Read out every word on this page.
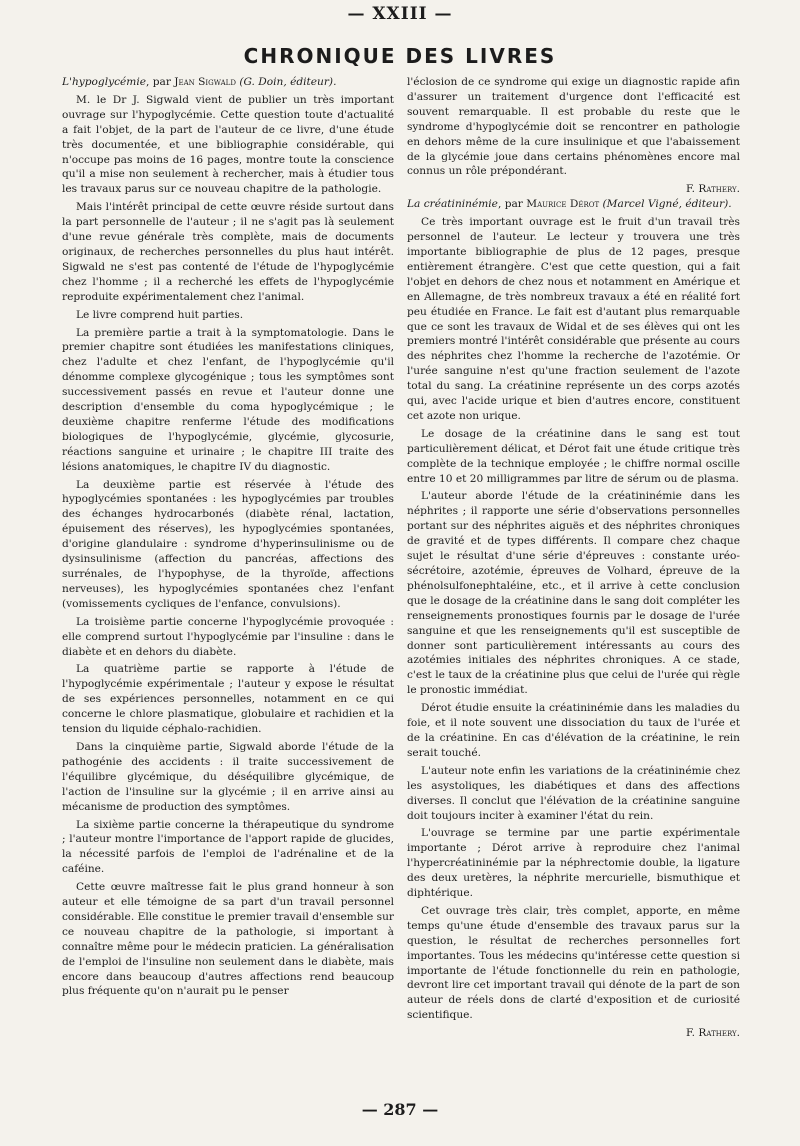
— XXIII —
CHRONIQUE DES LIVRES

L'hypoglycémie, par Jean Sigwald (G. Doin, éditeur).

M. le Dr J. Sigwald vient de publier un très important ouvrage sur l'hypoglycémie. Cette question toute d'actualité a fait l'objet, de la part de l'auteur de ce livre, d'une étude très documentée, et une bibliographie considérable, qui n'occupe pas moins de 16 pages, montre toute la conscience qu'il a mise non seulement à rechercher, mais à étudier tous les travaux parus sur ce nouveau chapitre de la pathologie.

Mais l'intérêt principal de cette œuvre réside surtout dans la part personnelle de l'auteur ; il ne s'agit pas là seulement d'une revue générale très complète, mais de documents originaux, de recherches personnelles du plus haut intérêt. Sigwald ne s'est pas contenté de l'étude de l'hypoglycémie chez l'homme ; il a recherché les effets de l'hypoglycémie reproduite expérimentalement chez l'animal.

Le livre comprend huit parties.

La première partie a trait à la symptomatologie. Dans le premier chapitre sont étudiées les manifestations cliniques, chez l'adulte et chez l'enfant, de l'hypoglycémie qu'il dénomme complexe glycogénique ; tous les symptômes sont successivement passés en revue et l'auteur donne une description d'ensemble du coma hypoglycémique ; le deuxième chapitre renferme l'étude des modifications biologiques de l'hypoglycémie, glycémie, glycosurie, réactions sanguine et urinaire ; le chapitre III traite des lésions anatomiques, le chapitre IV du diagnostic.

La deuxième partie est réservée à l'étude des hypoglycémies spontanées : les hypoglycémies par troubles des échanges hydrocarbonés (diabète rénal, lactation, épuisement des réserves), les hypoglycémies spontanées, d'origine glandulaire : syndrome d'hyperinsulinisme ou de dysinsulinisme (affection du pancréas, affections des surrénales, de l'hypophyse, de la thyroïde, affections nerveuses), les hypoglycémies spontanées chez l'enfant (vomissements cycliques de l'enfance, convulsions).

La troisième partie concerne l'hypoglycémie provoquée : elle comprend surtout l'hypoglycémie par l'insuline : dans le diabète et en dehors du diabète.

La quatrième partie se rapporte à l'étude de l'hypoglycémie expérimentale ; l'auteur y expose le résultat de ses expériences personnelles, notamment en ce qui concerne le chlore plasmatique, globulaire et rachidien et la tension du liquide céphalo-rachidien.

Dans la cinquième partie, Sigwald aborde l'étude de la pathogénie des accidents : il traite successivement de l'équilibre glycémique, du déséquilibre glycémique, de l'action de l'insuline sur la glycémie ; il en arrive ainsi au mécanisme de production des symptômes.

La sixième partie concerne la thérapeutique du syndrome ; l'auteur montre l'importance de l'apport rapide de glucides, la nécessité parfois de l'emploi de l'adrénaline et de la caféine.

Cette œuvre maîtresse fait le plus grand honneur à son auteur et elle témoigne de sa part d'un travail personnel considérable. Elle constitue le premier travail d'ensemble sur ce nouveau chapitre de la pathologie, si important à connaître même pour le médecin praticien. La généralisation de l'emploi de l'insuline non seulement dans le diabète, mais encore dans beaucoup d'autres affections rend beaucoup plus fréquente qu'on n'aurait pu le penser

l'éclosion de ce syndrome qui exige un diagnostic rapide afin d'assurer un traitement d'urgence dont l'efficacité est souvent remarquable. Il est probable du reste que le syndrome d'hypoglycémie doit se rencontrer en pathologie en dehors même de la cure insulinique et que l'abaissement de la glycémie joue dans certains phénomènes encore mal connus un rôle prépondérant.

F. Rathery.

La créatininémie, par Maurice Dérot (Marcel Vigné, éditeur).

Ce très important ouvrage est le fruit d'un travail très personnel de l'auteur. Le lecteur y trouvera une très importante bibliographie de plus de 12 pages, presque entièrement étrangère. C'est que cette question, qui a fait l'objet en dehors de chez nous et notamment en Amérique et en Allemagne, de très nombreux travaux a été en réalité fort peu étudiée en France. Le fait est d'autant plus remarquable que ce sont les travaux de Widal et de ses élèves qui ont les premiers montré l'intérêt considérable que présente au cours des néphrites chez l'homme la recherche de l'azotémie. Or l'urée sanguine n'est qu'une fraction seulement de l'azote total du sang. La créatinine représente un des corps azotés qui, avec l'acide urique et bien d'autres encore, constituent cet azote non urique.

Le dosage de la créatinine dans le sang est tout particulièrement délicat, et Dérot fait une étude critique très complète de la technique employée ; le chiffre normal oscille entre 10 et 20 milligrammes par litre de sérum ou de plasma.

L'auteur aborde l'étude de la créatininémie dans les néphrites ; il rapporte une série d'observations personnelles portant sur des néphrites aiguës et des néphrites chroniques de gravité et de types différents. Il compare chez chaque sujet le résultat d'une série d'épreuves : constante uréo-sécrétoire, azotémie, épreuves de Volhard, épreuve de la phénolsulfonephtaléine, etc., et il arrive à cette conclusion que le dosage de la créatinine dans le sang doit compléter les renseignements pronostiques fournis par le dosage de l'urée sanguine et que les renseignements qu'il est susceptible de donner sont particulièrement intéressants au cours des azotémies initiales des néphrites chroniques. A ce stade, c'est le taux de la créatinine plus que celui de l'urée qui règle le pronostic immédiat.

Dérot étudie ensuite la créatininémie dans les maladies du foie, et il note souvent une dissociation du taux de l'urée et de la créatinine. En cas d'élévation de la créatinine, le rein serait touché.

L'auteur note enfin les variations de la créatininémie chez les asystoliques, les diabétiques et dans des affections diverses. Il conclut que l'élévation de la créatinine sanguine doit toujours inciter à examiner l'état du rein.

L'ouvrage se termine par une partie expérimentale importante ; Dérot arrive à reproduire chez l'animal l'hypercréatininémie par la néphrectomie double, la ligature des deux uretères, la néphrite mercurielle, bismuthique et diphtérique.

Cet ouvrage très clair, très complet, apporte, en même temps qu'une étude d'ensemble des travaux parus sur la question, le résultat de recherches personnelles fort importantes. Tous les médecins qu'intéresse cette question si importante de l'étude fonctionnelle du rein en pathologie, devront lire cet important travail qui dénote de la part de son auteur de réels dons de clarté d'exposition et de curiosité scientifique.

F. Rathery.
— 287 —
